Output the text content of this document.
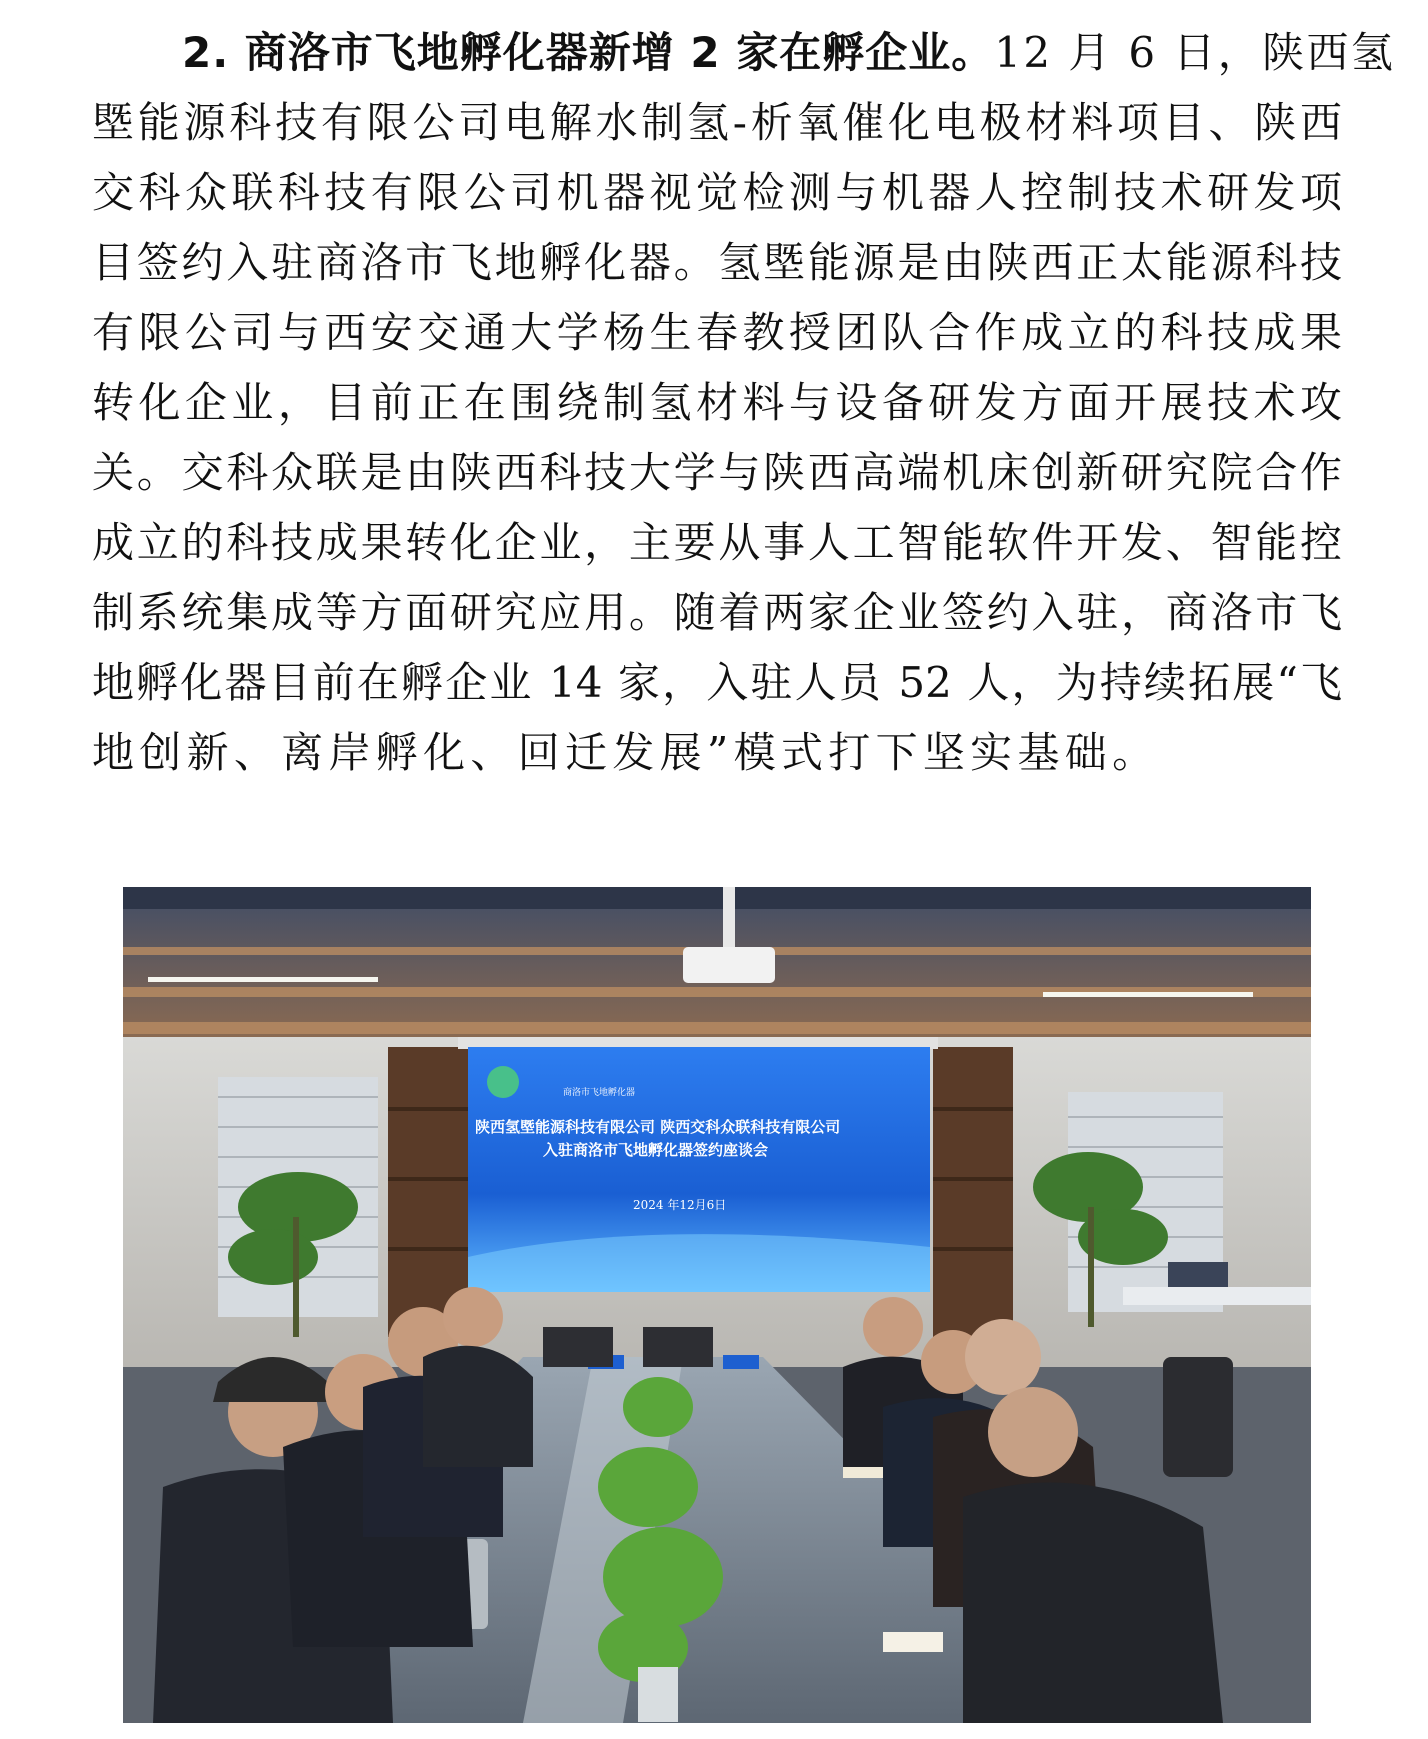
2. 商洛市飞地孵化器新增 2 家在孵企业。12 月 6 日，陕西氢
塈能源科技有限公司电解水制氢-析氧催化电极材料项目、陕西
交科众联科技有限公司机器视觉检测与机器人控制技术研发项
目签约入驻商洛市飞地孵化器。氢塈能源是由陕西正太能源科技
有限公司与西安交通大学杨生春教授团队合作成立的科技成果
转化企业，目前正在围绕制氢材料与设备研发方面开展技术攻
关。交科众联是由陕西科技大学与陕西高端机床创新研究院合作
成立的科技成果转化企业，主要从事人工智能软件开发、智能控
制系统集成等方面研究应用。随着两家企业签约入驻，商洛市飞
地孵化器目前在孵企业 14 家，入驻人员 52 人，为持续拓展“飞
地创新、离岸孵化、回迁发展”模式打下坚实基础。
商洛市飞地孵化器
陕西氢塈能源科技有限公司 陕西交科众联科技有限公司
入驻商洛市飞地孵化器签约座谈会
2024 年12月6日
